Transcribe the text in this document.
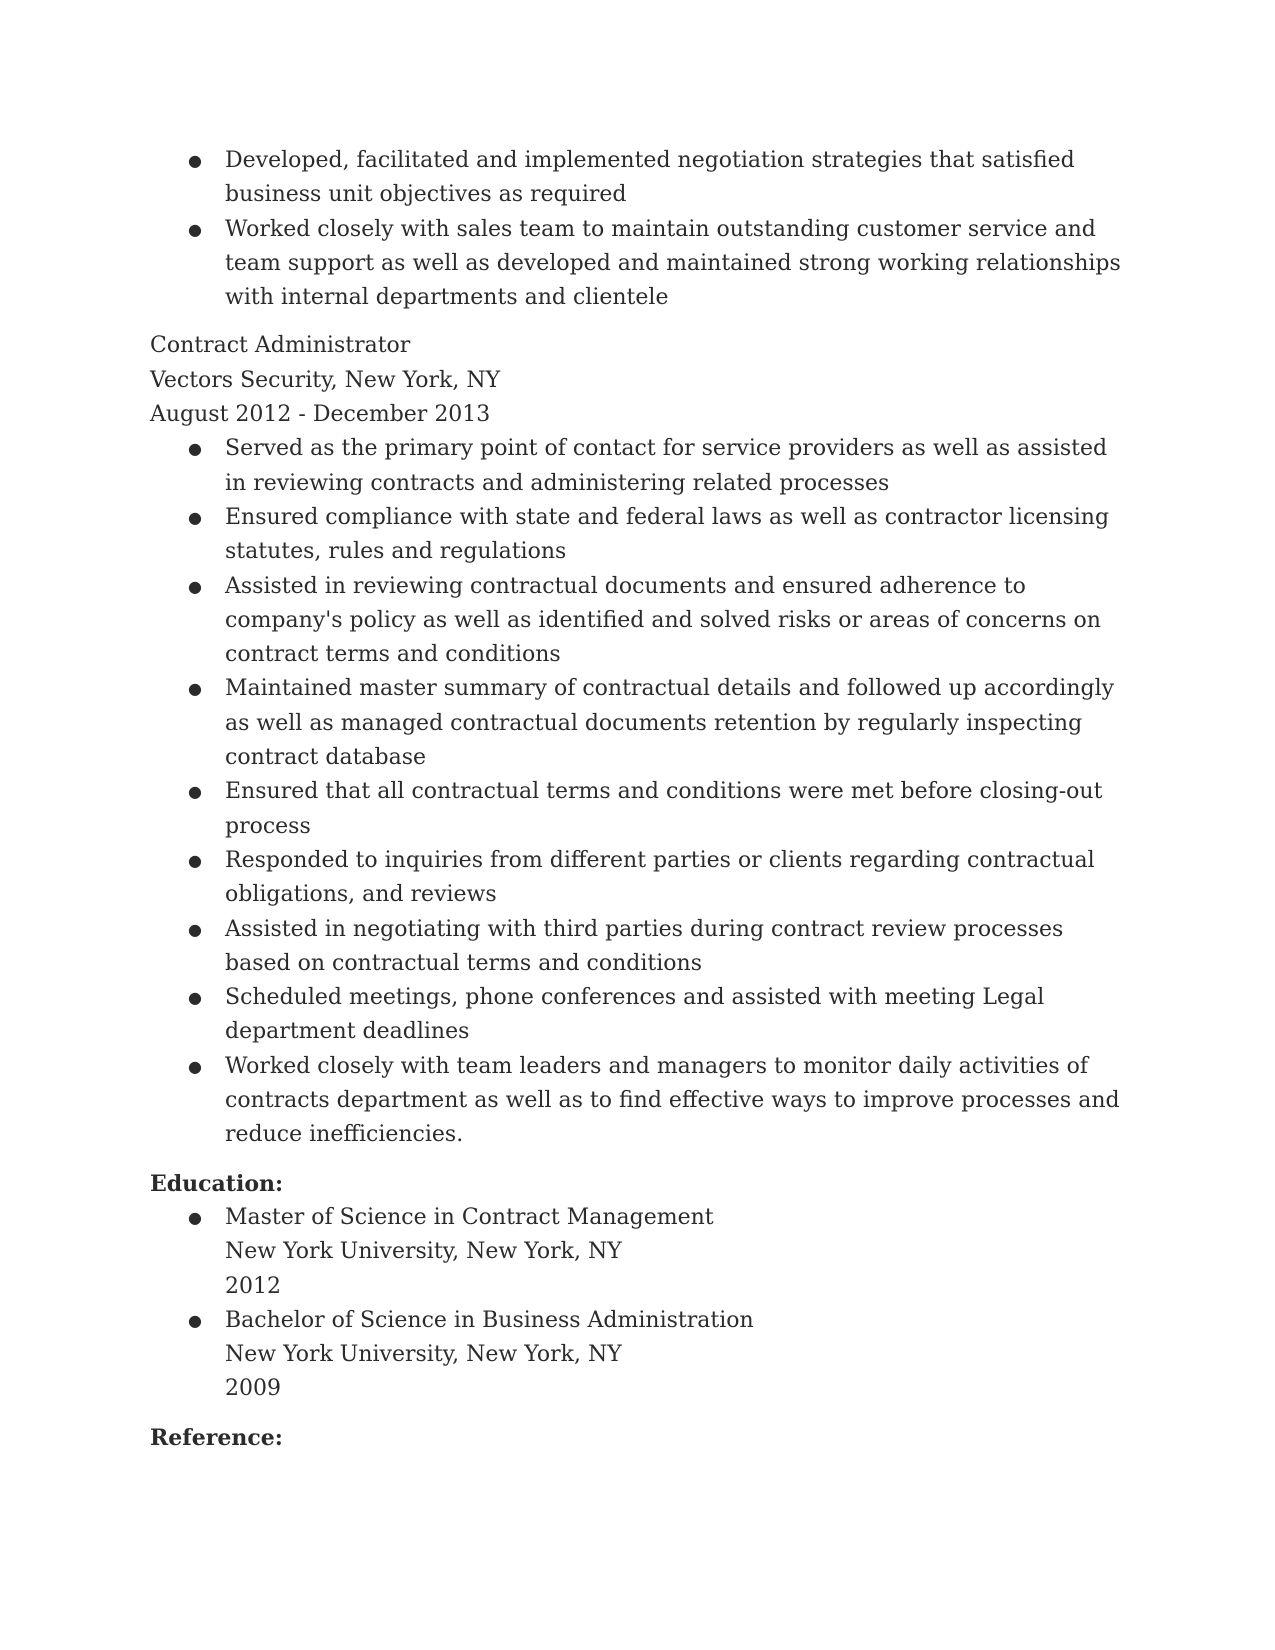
● Developed, facilitated and implemented negotiation strategies that satisfied business unit objectives as required
● Worked closely with sales team to maintain outstanding customer service and team support as well as developed and maintained strong working relationships with internal departments and clientele
Contract Administrator
Vectors Security, New York, NY
August 2012 - December 2013
● Served as the primary point of contact for service providers as well as assisted in reviewing contracts and administering related processes
● Ensured compliance with state and federal laws as well as contractor licensing statutes, rules and regulations
● Assisted in reviewing contractual documents and ensured adherence to company's policy as well as identified and solved risks or areas of concerns on contract terms and conditions
● Maintained master summary of contractual details and followed up accordingly as well as managed contractual documents retention by regularly inspecting contract database
● Ensured that all contractual terms and conditions were met before closing-out process
● Responded to inquiries from different parties or clients regarding contractual obligations, and reviews
● Assisted in negotiating with third parties during contract review processes based on contractual terms and conditions
● Scheduled meetings, phone conferences and assisted with meeting Legal department deadlines
● Worked closely with team leaders and managers to monitor daily activities of contracts department as well as to find effective ways to improve processes and reduce inefficiencies.
Education:
● Master of Science in Contract Management
New York University, New York, NY
2012
● Bachelor of Science in Business Administration
New York University, New York, NY
2009
Reference:
